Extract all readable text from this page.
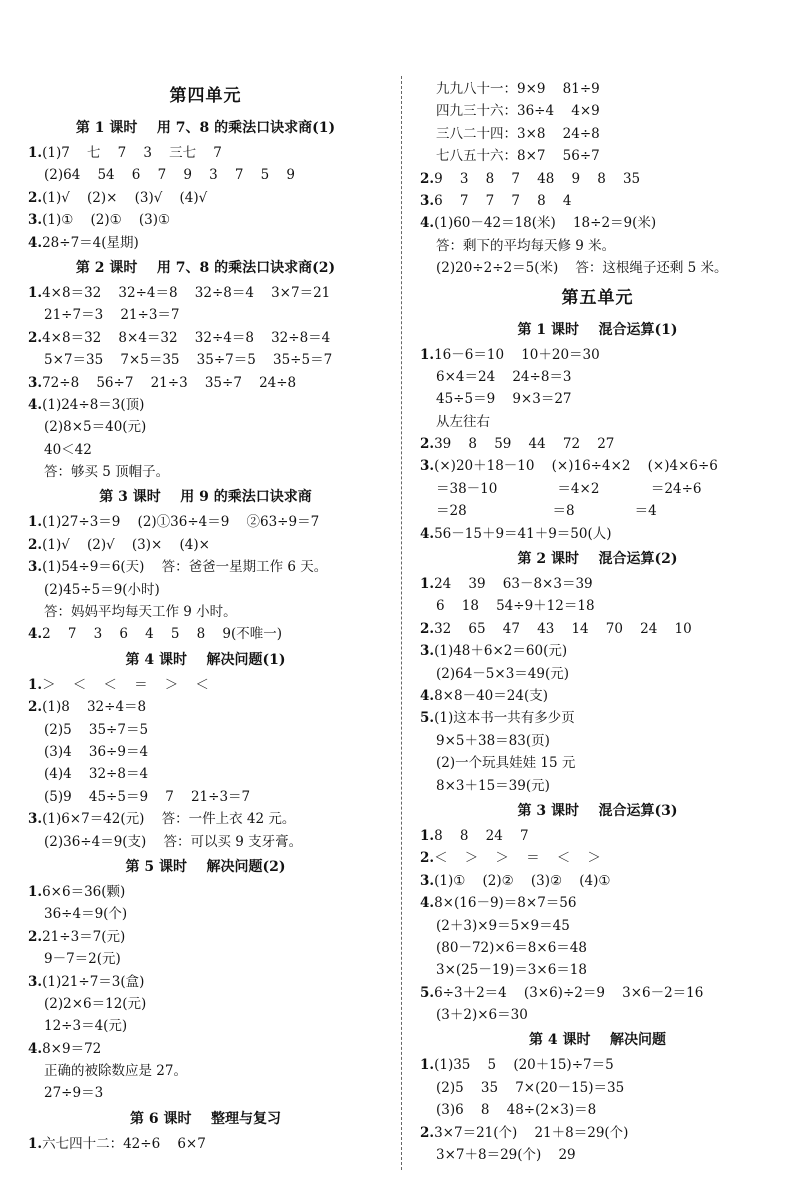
第四单元
第 1 课时    用 7、8 的乘法口诀求商(1)
1.(1)7    七    7    3    三七    7
(2)64    54    6    7    9    3    7    5    9
2.(1)√    (2)×    (3)√    (4)√
3.(1)①    (2)①    (3)①
4.28÷7＝4(星期)
第 2 课时    用 7、8 的乘法口诀求商(2)
1.4×8＝32    32÷4＝8    32÷8＝4    3×7＝21
21÷7＝3    21÷3＝7
2.4×8＝32    8×4＝32    32÷4＝8    32÷8＝4
5×7＝35    7×5＝35    35÷7＝5    35÷5＝7
3.72÷8    56÷7    21÷3    35÷7    24÷8
4.(1)24÷8＝3(顶)
(2)8×5＝40(元)
40＜42
答：够买 5 顶帽子。
第 3 课时    用 9 的乘法口诀求商
1.(1)27÷3＝9    (2)①36÷4＝9    ②63÷9＝7
2.(1)√    (2)√    (3)×    (4)×
3.(1)54÷9＝6(天)    答：爸爸一星期工作 6 天。
(2)45÷5＝9(小时)
答：妈妈平均每天工作 9 小时。
4.2    7    3    6    4    5    8    9(不唯一)
第 4 课时    解决问题(1)
1.＞    ＜    ＜    ＝    ＞    ＜
2.(1)8    32÷4＝8
(2)5    35÷7＝5
(3)4    36÷9＝4
(4)4    32÷8＝4
(5)9    45÷5＝9    7    21÷3＝7
3.(1)6×7＝42(元)    答：一件上衣 42 元。
(2)36÷4＝9(支)    答：可以买 9 支牙膏。
第 5 课时    解决问题(2)
1.6×6＝36(颗)
36÷4＝9(个)
2.21÷3＝7(元)
9－7＝2(元)
3.(1)21÷7＝3(盒)
(2)2×6＝12(元)
12÷3＝4(元)
4.8×9＝72
正确的被除数应是 27。
27÷9＝3
第 6 课时    整理与复习
1.六七四十二：42÷6    6×7
九九八十一：9×9    81÷9
四九三十六：36÷4    4×9
三八二十四：3×8    24÷8
七八五十六：8×7    56÷7
2.9    3    8    7    48    9    8    35
3.6    7    7    7    8    4
4.(1)60－42＝18(米)    18÷2＝9(米)
答：剩下的平均每天修 9 米。
(2)20÷2÷2＝5(米)    答：这根绳子还剩 5 米。
第五单元
第 1 课时    混合运算(1)
1.16－6＝10    10＋20＝30
6×4＝24    24÷8＝3
45÷5＝9    9×3＝27
从左往右
2.39    8    59    44    72    27
3.(×)20＋18－10    (×)16÷4×2    (×)4×6÷6
＝38－10              ＝4×2            ＝24÷6
＝28                    ＝8              ＝4
4.56－15＋9＝41＋9＝50(人)
第 2 课时    混合运算(2)
1.24    39    63－8×3＝39
6    18    54÷9＋12＝18
2.32    65    47    43    14    70    24    10
3.(1)48＋6×2＝60(元)
(2)64－5×3＝49(元)
4.8×8－40＝24(支)
5.(1)这本书一共有多少页
9×5＋38＝83(页)
(2)一个玩具娃娃 15 元
8×3＋15＝39(元)
第 3 课时    混合运算(3)
1.8    8    24    7
2.＜    ＞    ＞    ＝    ＜    ＞
3.(1)①    (2)②    (3)②    (4)①
4.8×(16－9)＝8×7＝56
(2＋3)×9＝5×9＝45
(80－72)×6＝8×6＝48
3×(25－19)＝3×6＝18
5.6÷3＋2＝4    (3×6)÷2＝9    3×6－2＝16
(3＋2)×6＝30
第 4 课时    解决问题
1.(1)35    5    (20＋15)÷7＝5
(2)5    35    7×(20－15)＝35
(3)6    8    48÷(2×3)＝8
2.3×7＝21(个)    21＋8＝29(个)
3×7＋8＝29(个)    29
